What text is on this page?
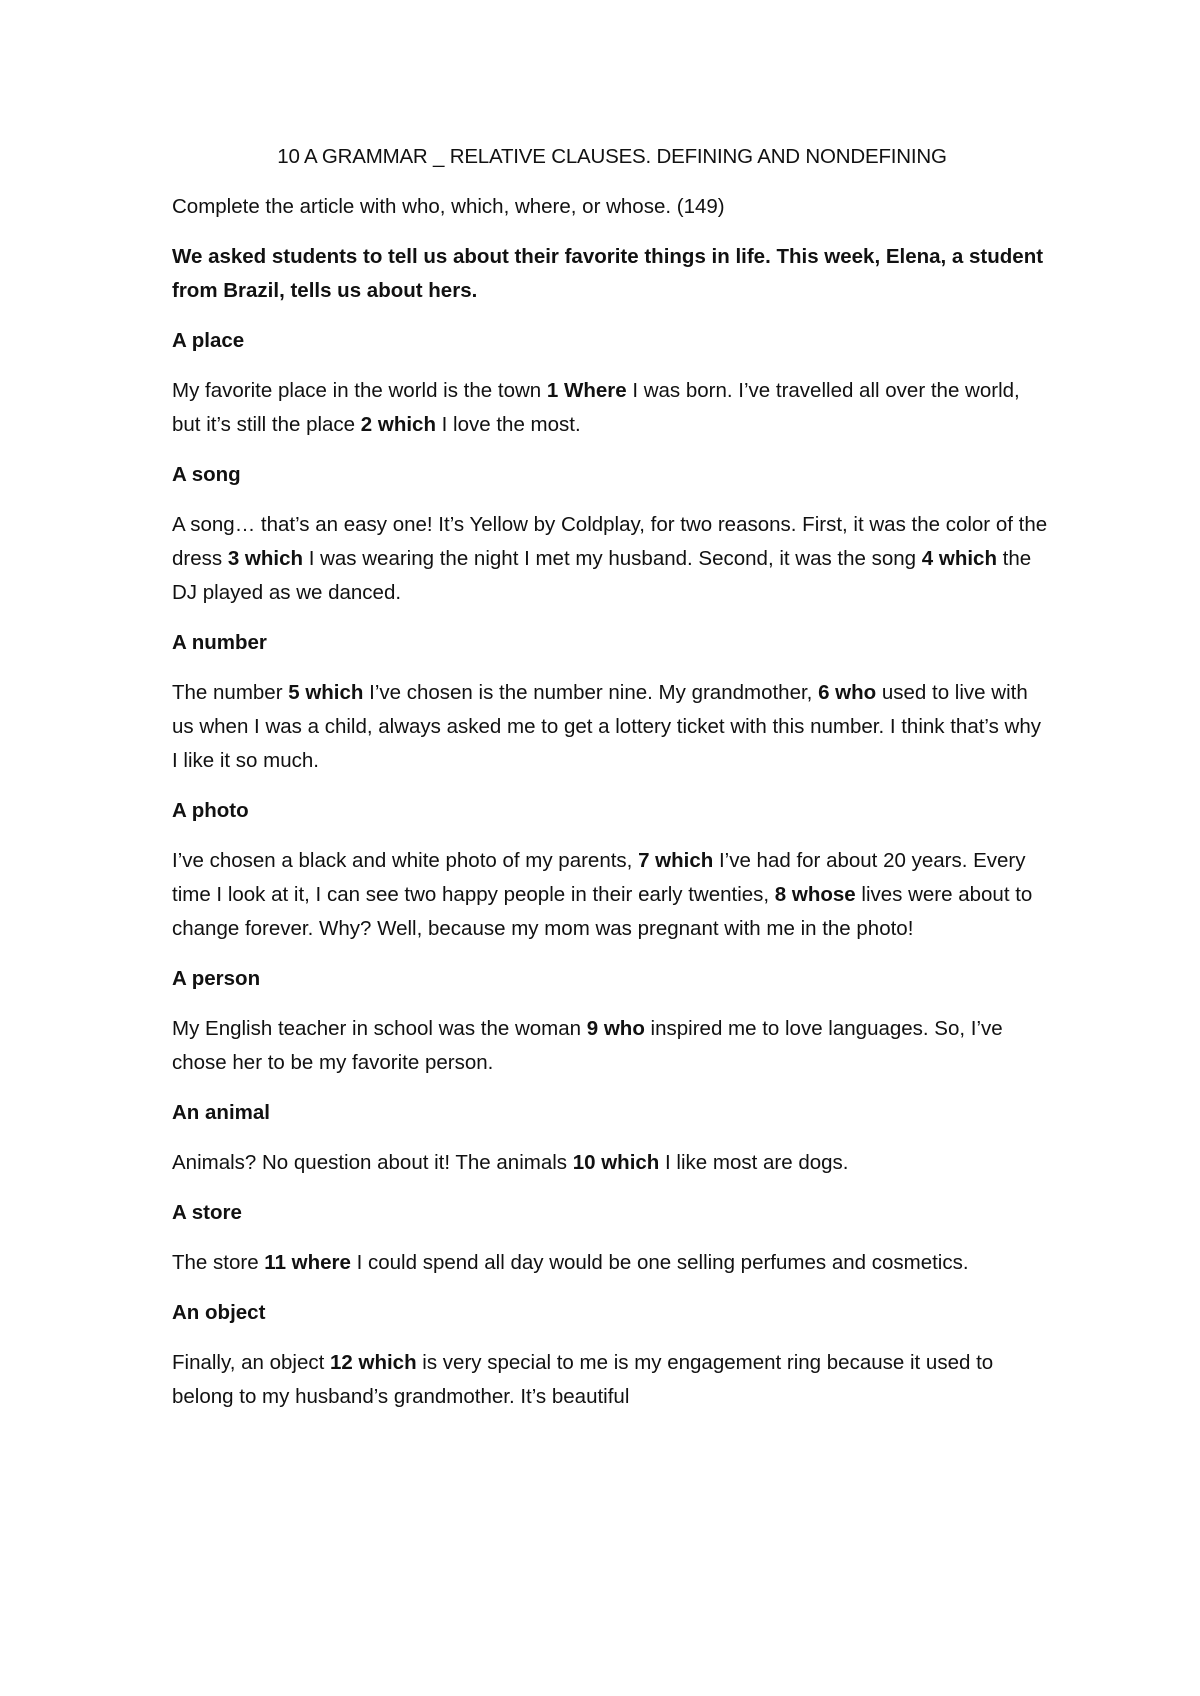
10 A GRAMMAR _ RELATIVE CLAUSES. DEFINING AND NONDEFINING
Complete the article with who, which, where, or whose. (149)
We asked students to tell us about their favorite things in life. This week, Elena, a student from Brazil, tells us about hers.
A place
My favorite place in the world is the town 1 Where I was born. I’ve travelled all over the world, but it’s still the place 2 which I love the most.
A song
A song… that’s an easy one! It’s Yellow by Coldplay, for two reasons. First, it was the color of the dress 3 which I was wearing the night I met my husband. Second, it was the song 4 which the DJ played as we danced.
A number
The number 5 which I’ve chosen is the number nine. My grandmother, 6 who used to live with us when I was a child, always asked me to get a lottery ticket with this number. I think that’s why I like it so much.
A photo
I’ve chosen a black and white photo of my parents, 7 which I’ve had for about 20 years. Every time I look at it, I can see two happy people in their early twenties, 8 whose lives were about to change forever. Why? Well, because my mom was pregnant with me in the photo!
A person
My English teacher in school was the woman 9 who inspired me to love languages. So, I’ve chose her to be my favorite person.
An animal
Animals? No question about it! The animals 10 which I like most are dogs.
A store
The store 11 where I could spend all day would be one selling perfumes and cosmetics.
An object
Finally, an object 12 which is very special to me is my engagement ring because it used to belong to my husband’s grandmother. It’s beautiful
